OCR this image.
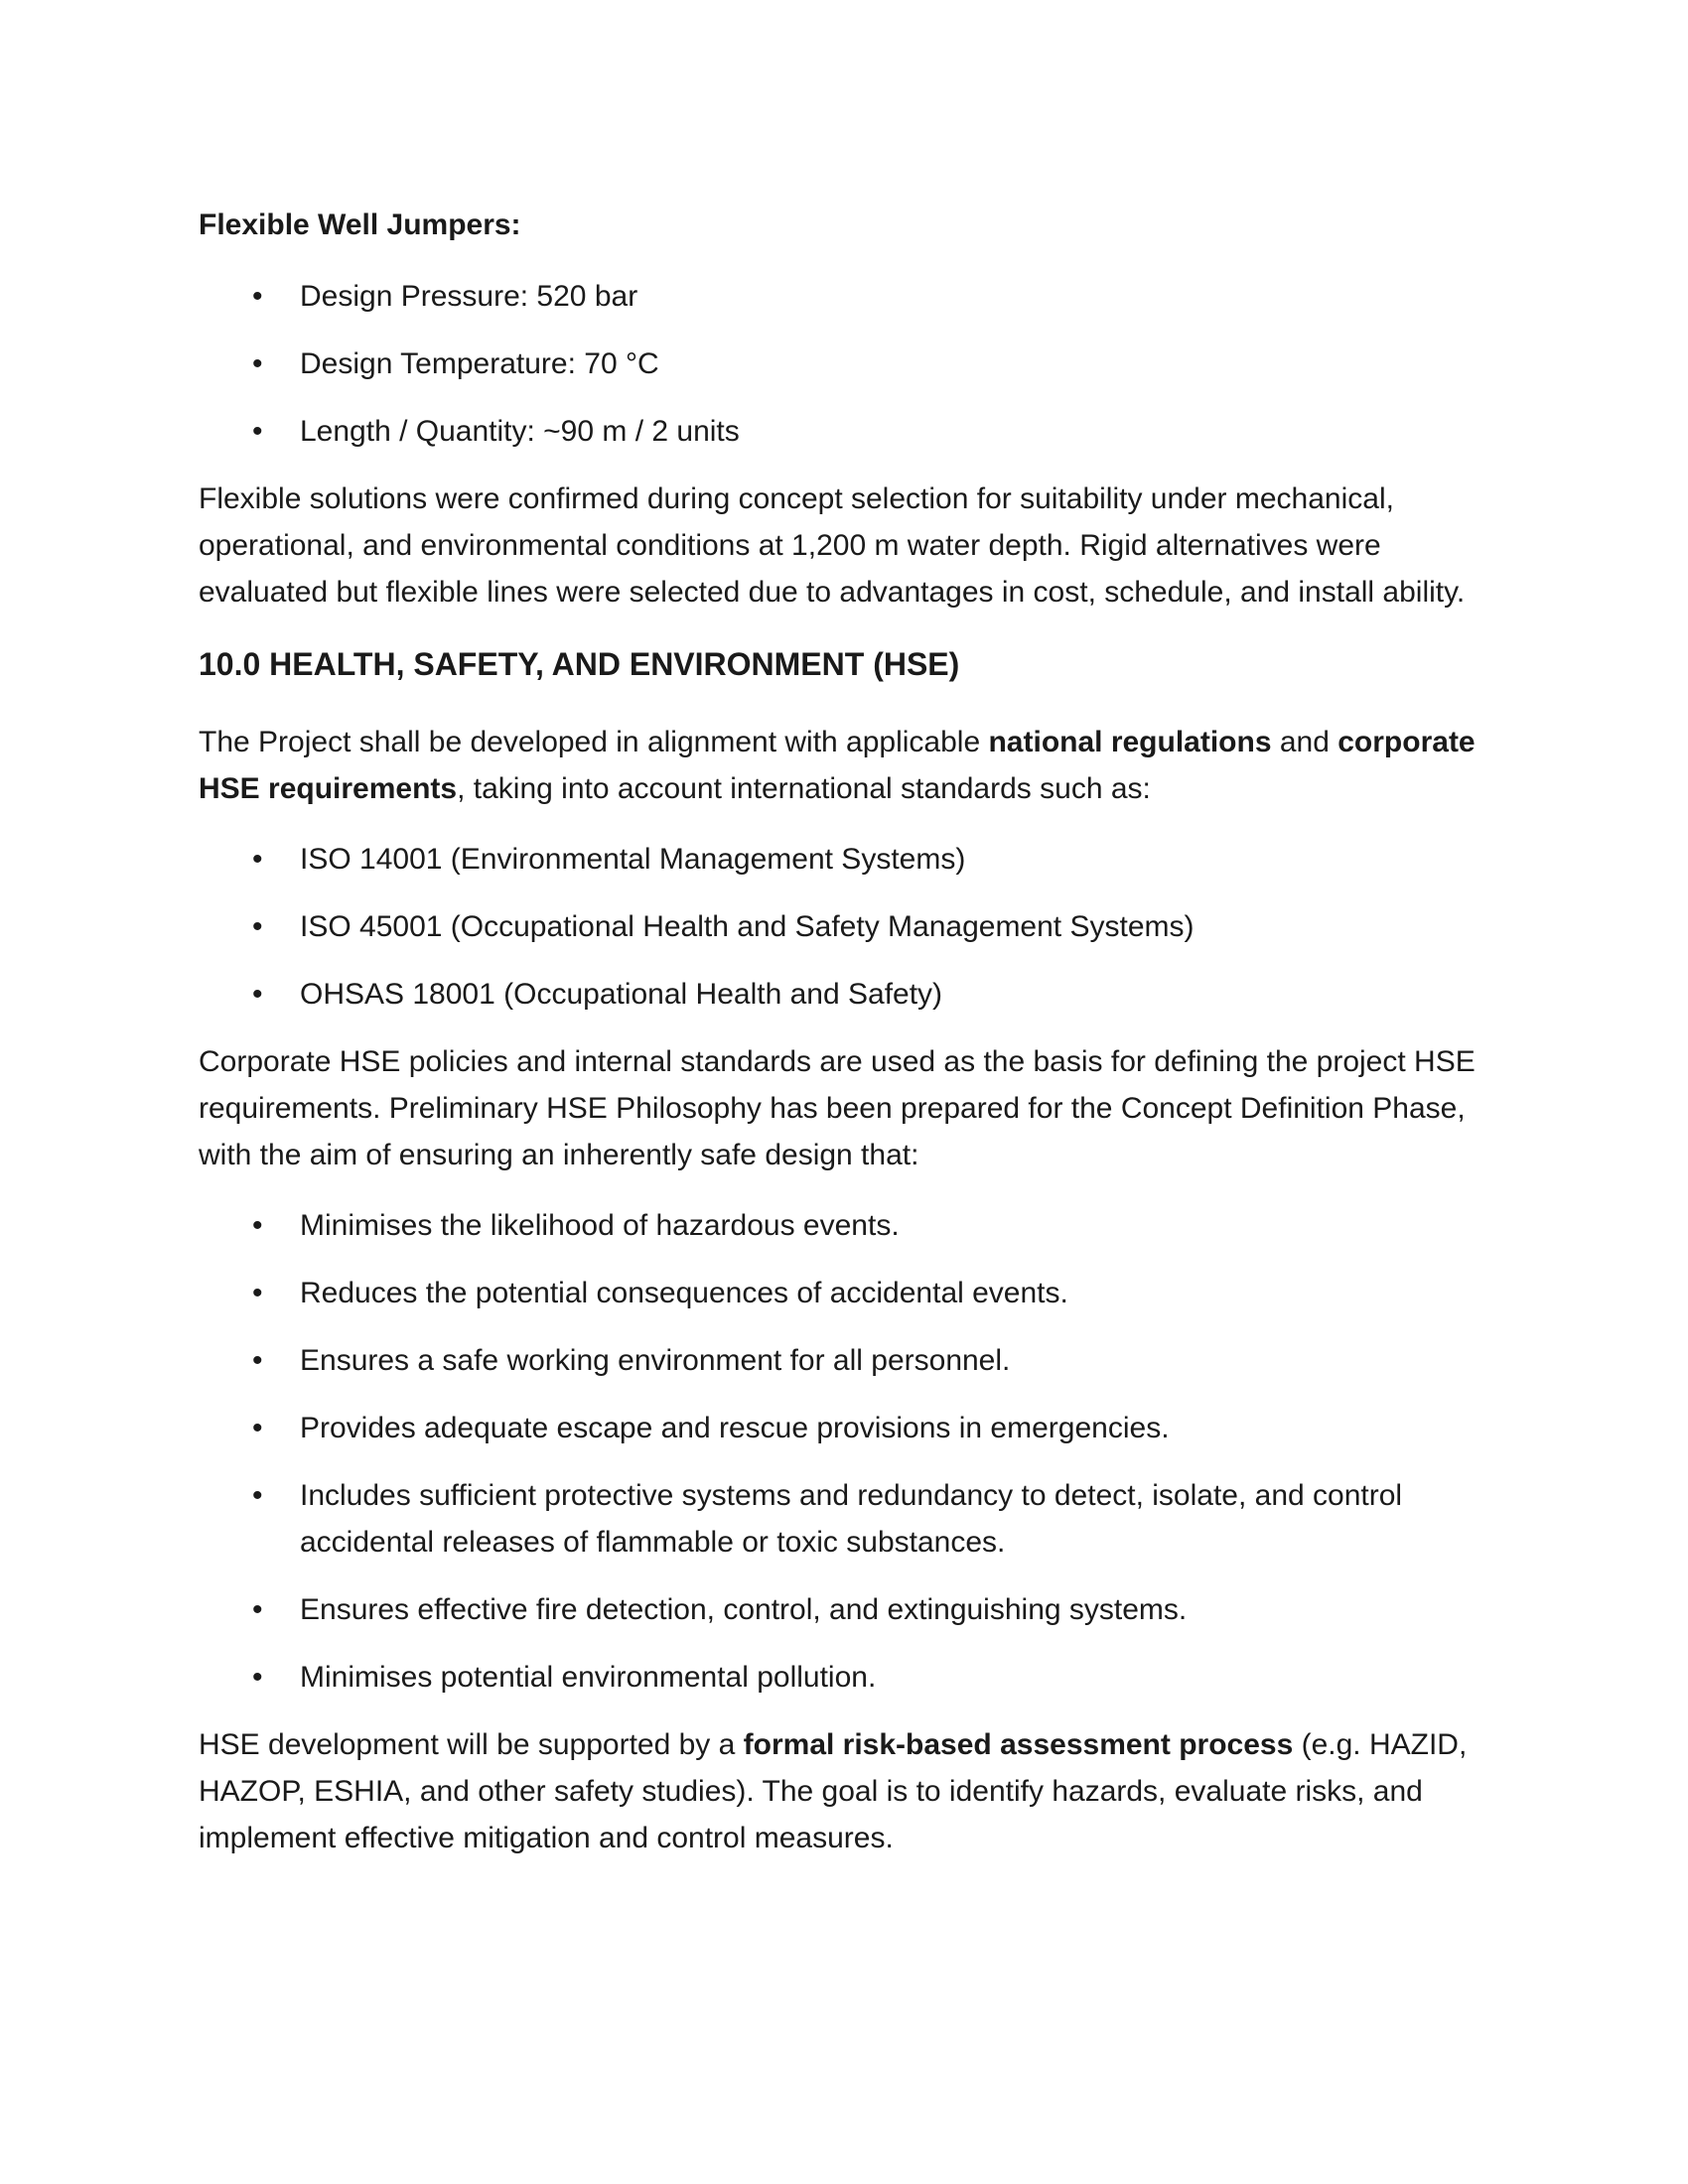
Flexible Well Jumpers:
•	Design Pressure: 520 bar
•	Design Temperature: 70 °C
•	Length / Quantity: ~90 m / 2 units

Flexible solutions were confirmed during concept selection for suitability under mechanical, operational, and environmental conditions at 1,200 m water depth. Rigid alternatives were evaluated but flexible lines were selected due to advantages in cost, schedule, and install ability.

10.0 HEALTH, SAFETY, AND ENVIRONMENT (HSE)

The Project shall be developed in alignment with applicable national regulations and corporate HSE requirements, taking into account international standards such as:

•	ISO 14001 (Environmental Management Systems)
•	ISO 45001 (Occupational Health and Safety Management Systems)
•	OHSAS 18001 (Occupational Health and Safety)

Corporate HSE policies and internal standards are used as the basis for defining the project HSE requirements. Preliminary HSE Philosophy has been prepared for the Concept Definition Phase, with the aim of ensuring an inherently safe design that:

•	Minimises the likelihood of hazardous events.
•	Reduces the potential consequences of accidental events.
•	Ensures a safe working environment for all personnel.
•	Provides adequate escape and rescue provisions in emergencies.
•	Includes sufficient protective systems and redundancy to detect, isolate, and control accidental releases of flammable or toxic substances.
•	Ensures effective fire detection, control, and extinguishing systems.
•	Minimises potential environmental pollution.

HSE development will be supported by a formal risk-based assessment process (e.g. HAZID, HAZOP, ESHIA, and other safety studies). The goal is to identify hazards, evaluate risks, and implement effective mitigation and control measures.
